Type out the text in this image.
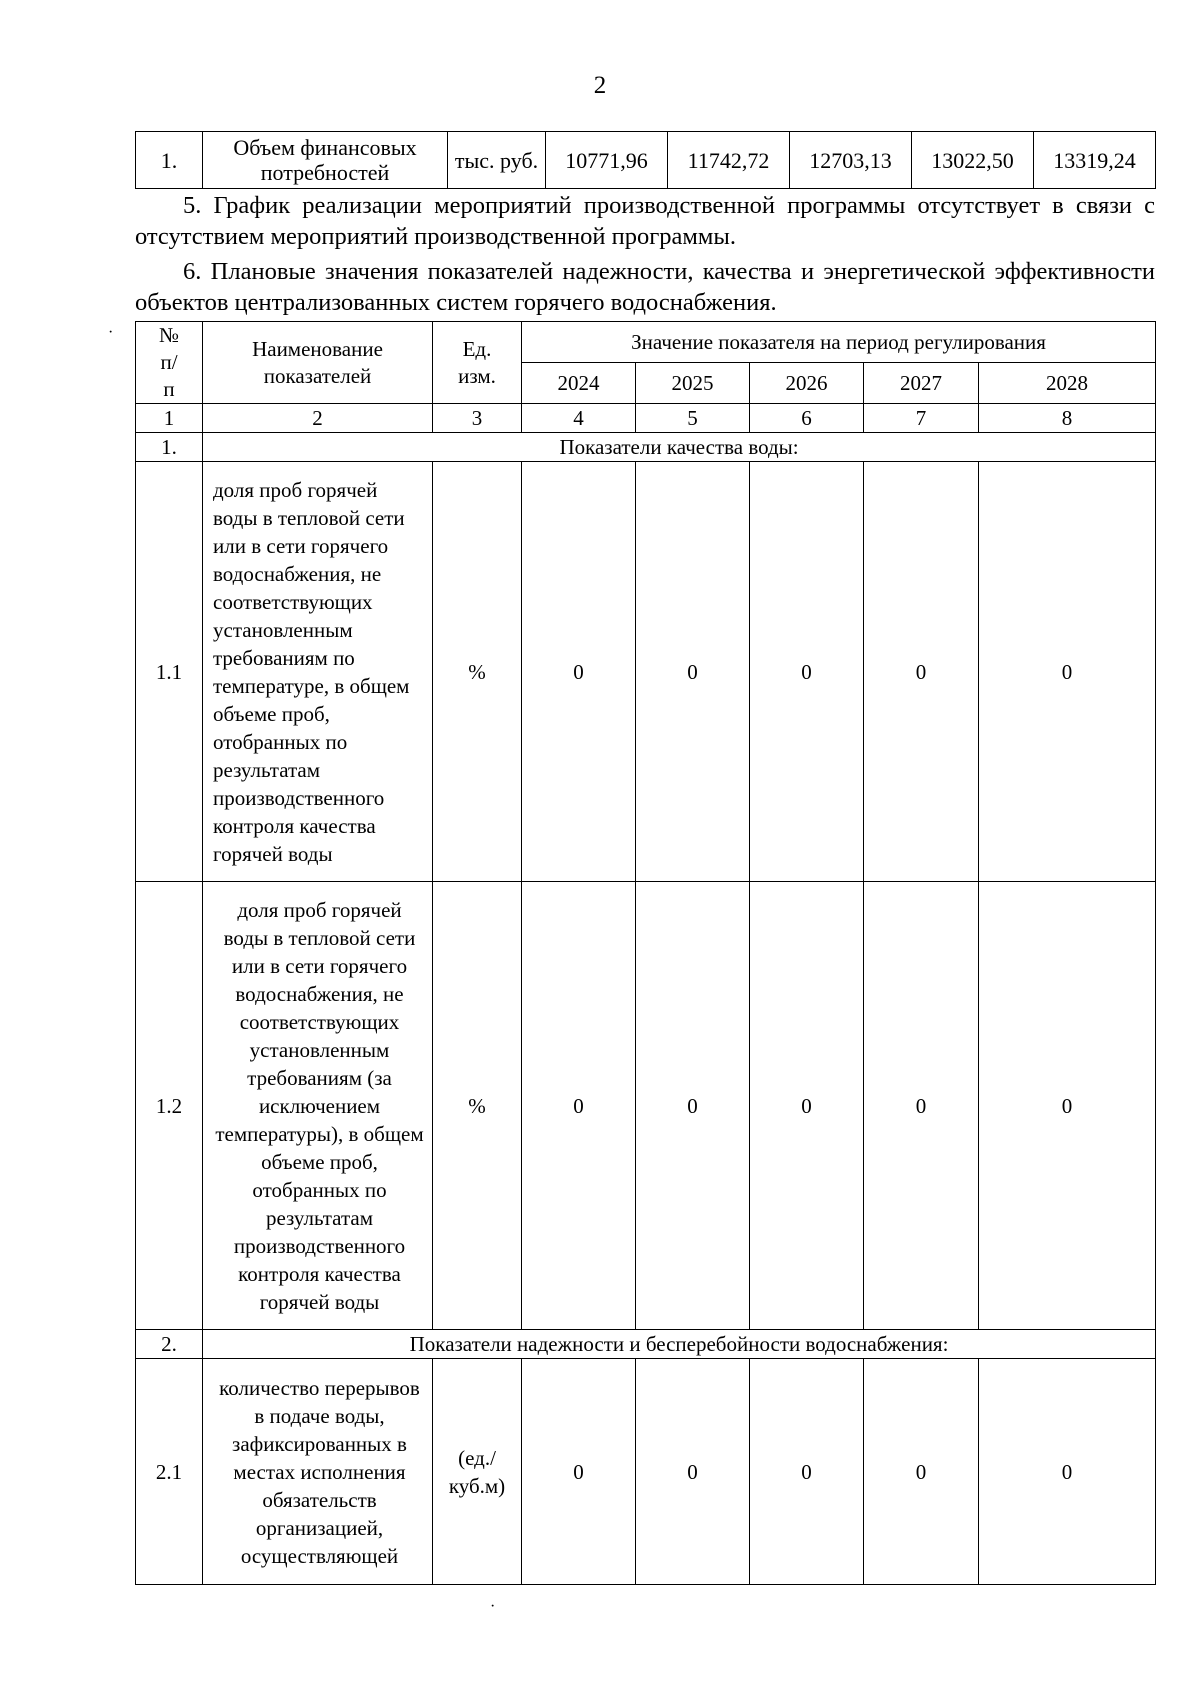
2
1.	Объем финансовых потребностей	тыс. руб.	10771,96	11742,72	12703,13	13022,50	13319,24
5. График реализации мероприятий производственной программы отсутствует в связи с отсутствием мероприятий производственной программы.
6. Плановые значения показателей надежности, качества и энергетической эффективности объектов централизованных систем горячего водоснабжения.
№ п/п	Наименование показателей	Ед. изм.	Значение показателя на период регулирования				
			2024	2025	2026	2027	2028
1	2	3	4	5	6	7	8
1.	Показатели качества воды:						
1.1	доля проб горячей воды в тепловой сети или в сети горячего водоснабжения, не соответствующих установленным требованиям по температуре, в общем объеме проб, отобранных по результатам производственного контроля качества горячей воды	%	0	0	0	0	0
1.2	доля проб горячей воды в тепловой сети или в сети горячего водоснабжения, не соответствующих установленным требованиям (за исключением температуры), в общем объеме проб, отобранных по результатам производственного контроля качества горячей воды	%	0	0	0	0	0
2.	Показатели надежности и бесперебойности водоснабжения:						
2.1	количество перерывов в подаче воды, зафиксированных в местах исполнения обязательств организацией, осуществляющей	(ед./куб.м)	0	0	0	0	0
·
·
